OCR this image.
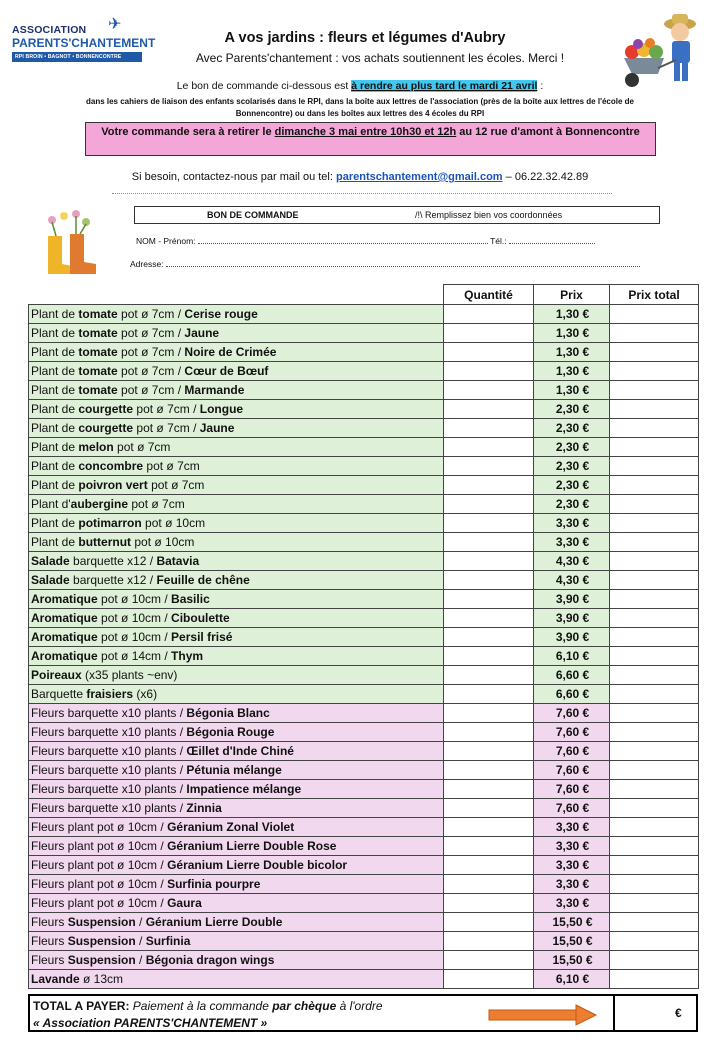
✈
ASSOCIATION
PARENTS'CHANTEMENT
RPI BROIN • BAGNOT • BONNENCONTRE
A vos jardins : fleurs et légumes d'Aubry
Avec Parents'chantement : vos achats soutiennent les écoles. Merci !
Le bon de commande ci-dessous est à rendre au plus tard le mardi 21 avril :
dans les cahiers de liaison des enfants scolarisés dans le RPI, dans la boîte aux lettres de l'association (près de la boîte aux lettres de l'école de Bonnencontre) ou dans les boîtes aux lettres des 4 écoles du RPI
Votre commande sera à retirer le dimanche 3 mai entre 10h30 et 12h au 12 rue d'amont à Bonnencontre
Si besoin, contactez-nous par mail ou tel: parentschantement@gmail.com – 06.22.32.42.89
BON DE COMMANDE	/!\ Remplissez bien vos coordonnées
NOM - Prénom:	Tél.:
Adresse:
	Quantité	Prix	Prix total
Plant de tomate pot ø 7cm / Cerise rouge		1,30 €	
Plant de tomate pot ø 7cm / Jaune		1,30 €	
Plant de tomate pot ø 7cm / Noire de Crimée		1,30 €	
Plant de tomate pot ø 7cm / Cœur de Bœuf		1,30 €	
Plant de tomate pot ø 7cm / Marmande		1,30 €	
Plant de courgette pot ø 7cm / Longue		2,30 €	
Plant de courgette pot ø 7cm / Jaune		2,30 €	
Plant de melon pot ø 7cm		2,30 €	
Plant de concombre pot ø 7cm		2,30 €	
Plant de poivron vert pot ø 7cm		2,30 €	
Plant d'aubergine pot ø 7cm		2,30 €	
Plant de potimarron pot ø 10cm		3,30 €	
Plant de butternut pot ø 10cm		3,30 €	
Salade barquette x12 / Batavia		4,30 €	
Salade barquette x12 / Feuille de chêne		4,30 €	
Aromatique pot ø 10cm / Basilic		3,90 €	
Aromatique pot ø 10cm / Ciboulette		3,90 €	
Aromatique pot ø 10cm / Persil frisé		3,90 €	
Aromatique pot ø 14cm / Thym		6,10 €	
Poireaux (x35 plants ~env)		6,60 €	
Barquette fraisiers (x6)		6,60 €	
Fleurs barquette x10 plants / Bégonia Blanc		7,60 €	
Fleurs barquette x10 plants / Bégonia Rouge		7,60 €	
Fleurs barquette x10 plants / Œillet d'Inde Chiné		7,60 €	
Fleurs barquette x10 plants / Pétunia mélange		7,60 €	
Fleurs barquette x10 plants / Impatience mélange		7,60 €	
Fleurs barquette x10 plants / Zinnia		7,60 €	
Fleurs plant pot ø 10cm / Géranium Zonal Violet		3,30 €	
Fleurs plant pot ø 10cm / Géranium Lierre Double Rose		3,30 €	
Fleurs plant pot ø 10cm / Géranium Lierre Double bicolor		3,30 €	
Fleurs plant pot ø 10cm / Surfinia pourpre		3,30 €	
Fleurs plant pot ø 10cm / Gaura		3,30 €	
Fleurs Suspension / Géranium Lierre Double		15,50 €	
Fleurs Suspension / Surfinia		15,50 €	
Fleurs Suspension / Bégonia dragon wings		15,50 €	
Lavande ø 13cm		6,10 €	
TOTAL A PAYER: Paiement à la commande par chèque à l'ordre
« Association PARENTS'CHANTEMENT »
€
